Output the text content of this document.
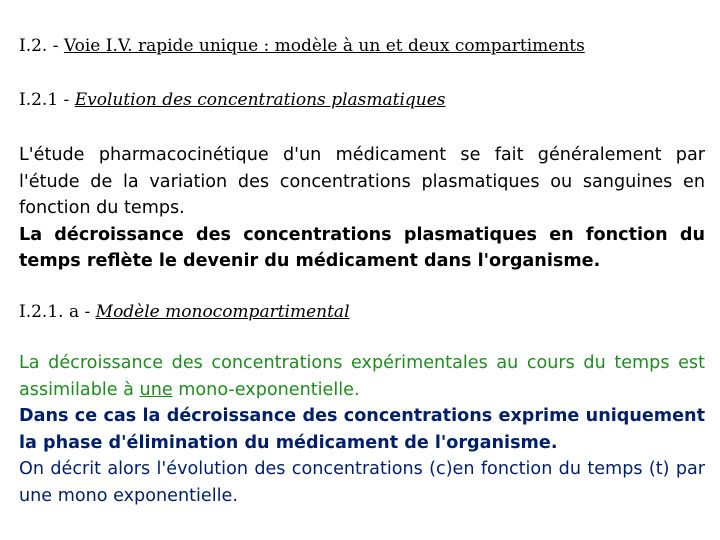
I.2. - Voie I.V. rapide unique : modèle à un et deux compartiments
I.2.1 - Evolution des concentrations plasmatiques
L'étude pharmacocinétique d'un médicament se fait généralement par l'étude de la variation des concentrations plasmatiques ou sanguines en fonction du temps.
La décroissance des concentrations plasmatiques en fonction du temps reflète le devenir du médicament dans l'organisme.
I.2.1. a - Modèle monocompartimental
La décroissance des concentrations expérimentales au cours du temps est assimilable à une mono-exponentielle.
Dans ce cas la décroissance des concentrations exprime uniquement la phase d'élimination du médicament de l'organisme.
On décrit alors l'évolution des concentrations (c)en fonction du temps (t) par une mono exponentielle.
